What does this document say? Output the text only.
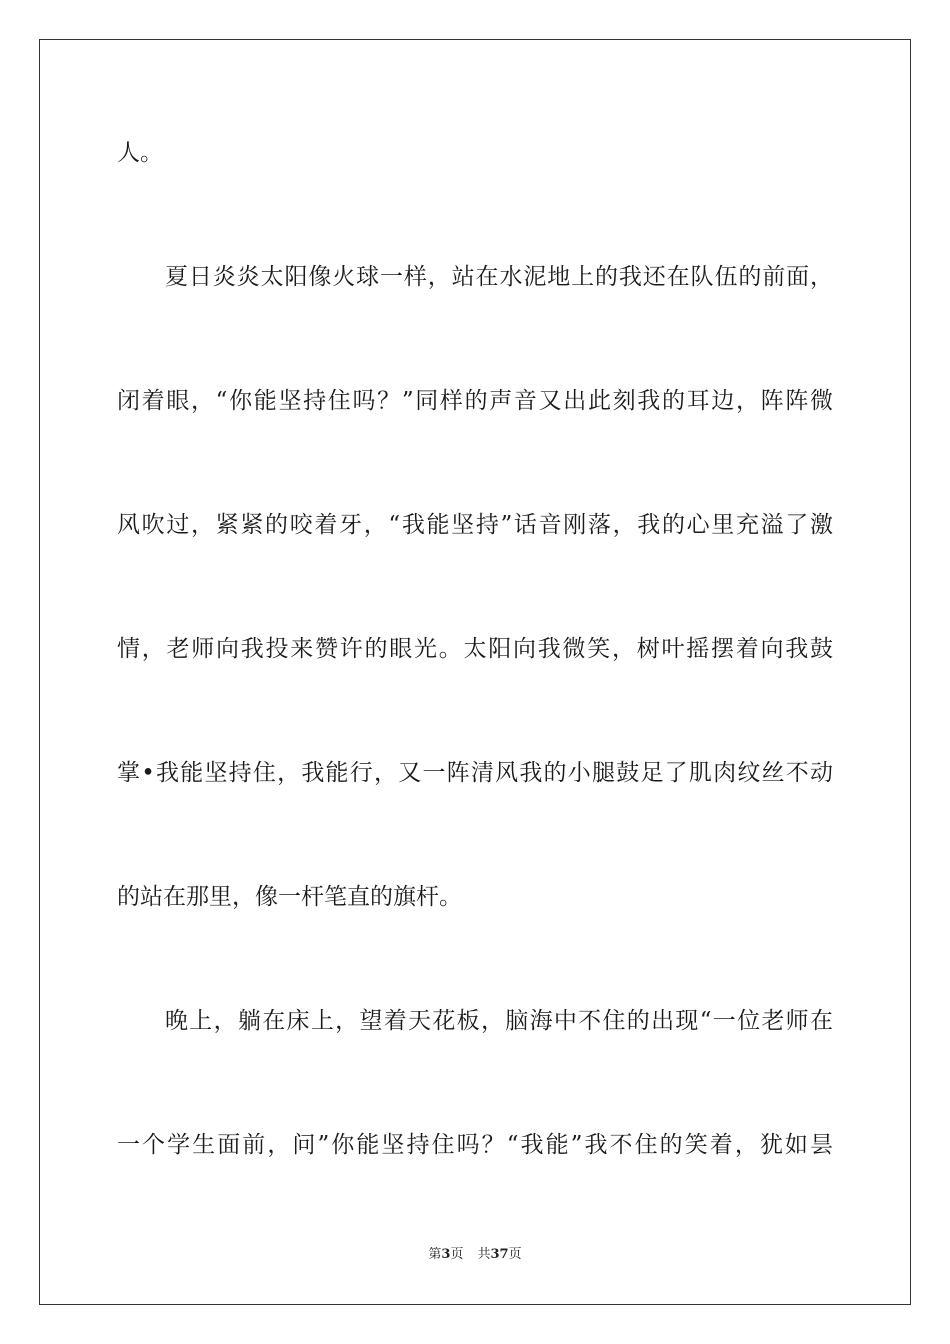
人。
夏日炎炎太阳像火球一样，站在水泥地上的我还在队伍的前面，
闭着眼，“你能坚持住吗？”同样的声音又出此刻我的耳边，阵阵微
风吹过，紧紧的咬着牙，“我能坚持”话音刚落，我的心里充溢了激
情，老师向我投来赞许的眼光。太阳向我微笑，树叶摇摆着向我鼓
掌•我能坚持住，我能行，又一阵清风我的小腿鼓足了肌肉纹丝不动
的站在那里，像一杆笔直的旗杆。
晚上，躺在床上，望着天花板，脑海中不住的出现“一位老师在
一个学生面前，问”你能坚持住吗？“我能”我不住的笑着，犹如昙
第3页 共37页
